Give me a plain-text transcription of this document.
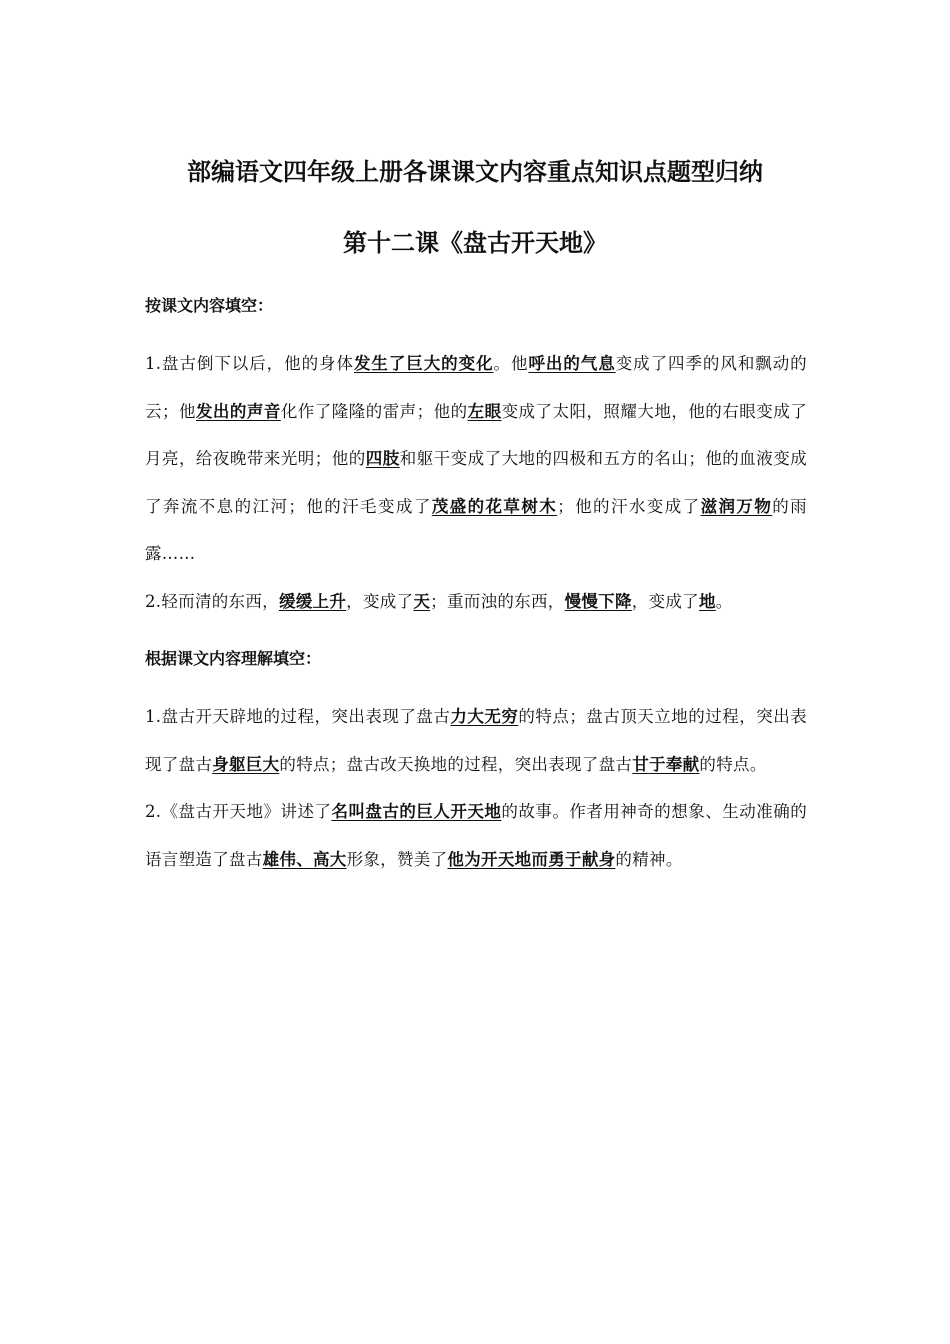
部编语文四年级上册各课课文内容重点知识点题型归纳
第十二课《盘古开天地》
按课文内容填空：

1.盘古倒下以后，他的身体发生了巨大的变化。他呼出的气息变成了四季的风和飘动的云；他发出的声音化作了隆隆的雷声；他的左眼变成了太阳，照耀大地，他的右眼变成了月亮，给夜晚带来光明；他的四肢和躯干变成了大地的四极和五方的名山；他的血液变成了奔流不息的江河；他的汗毛变成了茂盛的花草树木；他的汗水变成了滋润万物的雨露……

2.轻而清的东西，缓缓上升，变成了天；重而浊的东西，慢慢下降，变成了地。

根据课文内容理解填空：

1.盘古开天辟地的过程，突出表现了盘古力大无穷的特点；盘古顶天立地的过程，突出表现了盘古身躯巨大的特点；盘古改天换地的过程，突出表现了盘古甘于奉献的特点。

2.《盘古开天地》讲述了名叫盘古的巨人开天地的故事。作者用神奇的想象、生动准确的语言塑造了盘古雄伟、高大形象，赞美了他为开天地而勇于献身的精神。
